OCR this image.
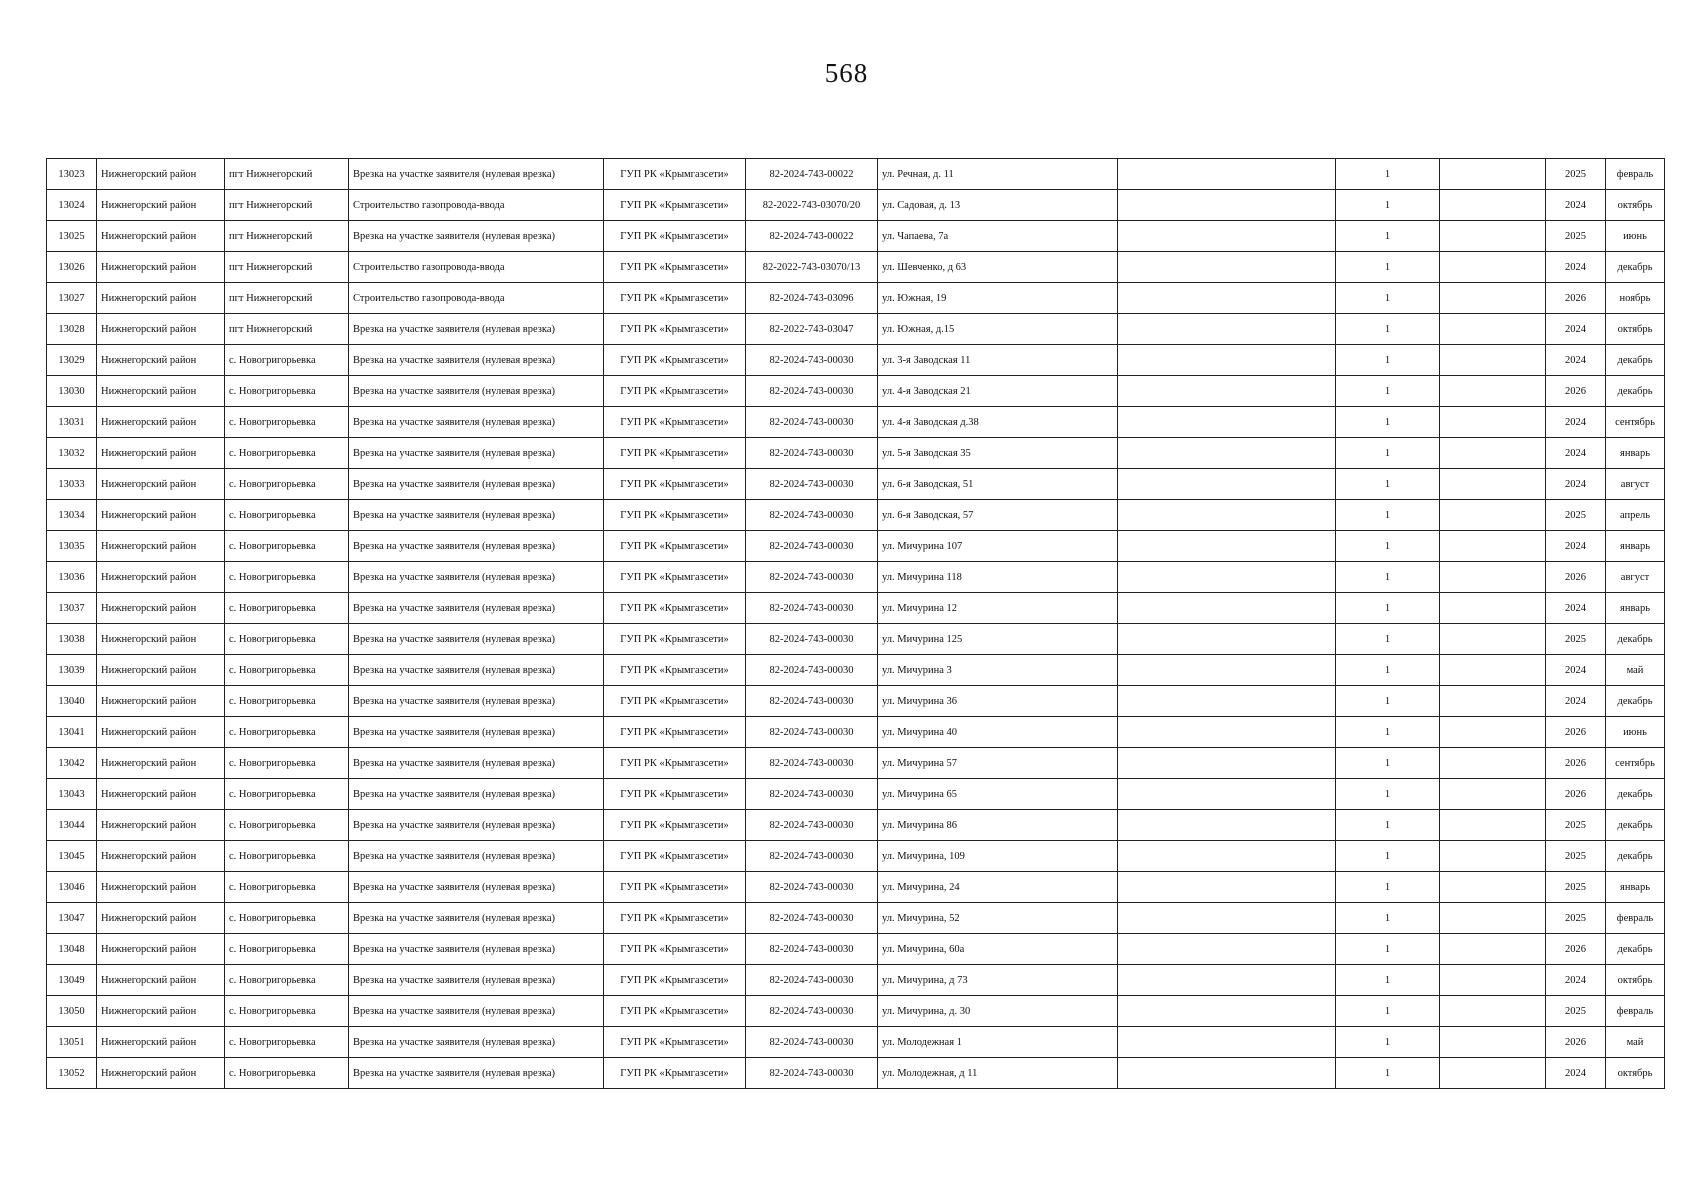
568
13023	Нижнегорский район	пгт Нижнегорский	Врезка на участке заявителя (нулевая врезка)	ГУП РК «Крымгазсети»	82-2024-743-00022	ул. Речная, д. 11		1		2025	февраль
13024	Нижнегорский район	пгт Нижнегорский	Строительство газопровода-ввода	ГУП РК «Крымгазсети»	82-2022-743-03070/20	ул. Садовая, д. 13		1		2024	октябрь
13025	Нижнегорский район	пгт Нижнегорский	Врезка на участке заявителя (нулевая врезка)	ГУП РК «Крымгазсети»	82-2024-743-00022	ул. Чапаева, 7а		1		2025	июнь
13026	Нижнегорский район	пгт Нижнегорский	Строительство газопровода-ввода	ГУП РК «Крымгазсети»	82-2022-743-03070/13	ул. Шевченко, д 63		1		2024	декабрь
13027	Нижнегорский район	пгт Нижнегорский	Строительство газопровода-ввода	ГУП РК «Крымгазсети»	82-2024-743-03096	ул. Южная, 19		1		2026	ноябрь
13028	Нижнегорский район	пгт Нижнегорский	Врезка на участке заявителя (нулевая врезка)	ГУП РК «Крымгазсети»	82-2022-743-03047	ул. Южная, д.15		1		2024	октябрь
13029	Нижнегорский район	с. Новогригорьевка	Врезка на участке заявителя (нулевая врезка)	ГУП РК «Крымгазсети»	82-2024-743-00030	ул. 3-я Заводская 11		1		2024	декабрь
13030	Нижнегорский район	с. Новогригорьевка	Врезка на участке заявителя (нулевая врезка)	ГУП РК «Крымгазсети»	82-2024-743-00030	ул. 4-я Заводская 21		1		2026	декабрь
13031	Нижнегорский район	с. Новогригорьевка	Врезка на участке заявителя (нулевая врезка)	ГУП РК «Крымгазсети»	82-2024-743-00030	ул. 4-я Заводская д.38		1		2024	сентябрь
13032	Нижнегорский район	с. Новогригорьевка	Врезка на участке заявителя (нулевая врезка)	ГУП РК «Крымгазсети»	82-2024-743-00030	ул. 5-я Заводская 35		1		2024	январь
13033	Нижнегорский район	с. Новогригорьевка	Врезка на участке заявителя (нулевая врезка)	ГУП РК «Крымгазсети»	82-2024-743-00030	ул. 6-я Заводская, 51		1		2024	август
13034	Нижнегорский район	с. Новогригорьевка	Врезка на участке заявителя (нулевая врезка)	ГУП РК «Крымгазсети»	82-2024-743-00030	ул. 6-я Заводская, 57		1		2025	апрель
13035	Нижнегорский район	с. Новогригорьевка	Врезка на участке заявителя (нулевая врезка)	ГУП РК «Крымгазсети»	82-2024-743-00030	ул. Мичурина 107		1		2024	январь
13036	Нижнегорский район	с. Новогригорьевка	Врезка на участке заявителя (нулевая врезка)	ГУП РК «Крымгазсети»	82-2024-743-00030	ул. Мичурина 118		1		2026	август
13037	Нижнегорский район	с. Новогригорьевка	Врезка на участке заявителя (нулевая врезка)	ГУП РК «Крымгазсети»	82-2024-743-00030	ул. Мичурина 12		1		2024	январь
13038	Нижнегорский район	с. Новогригорьевка	Врезка на участке заявителя (нулевая врезка)	ГУП РК «Крымгазсети»	82-2024-743-00030	ул. Мичурина 125		1		2025	декабрь
13039	Нижнегорский район	с. Новогригорьевка	Врезка на участке заявителя (нулевая врезка)	ГУП РК «Крымгазсети»	82-2024-743-00030	ул. Мичурина 3		1		2024	май
13040	Нижнегорский район	с. Новогригорьевка	Врезка на участке заявителя (нулевая врезка)	ГУП РК «Крымгазсети»	82-2024-743-00030	ул. Мичурина 36		1		2024	декабрь
13041	Нижнегорский район	с. Новогригорьевка	Врезка на участке заявителя (нулевая врезка)	ГУП РК «Крымгазсети»	82-2024-743-00030	ул. Мичурина 40		1		2026	июнь
13042	Нижнегорский район	с. Новогригорьевка	Врезка на участке заявителя (нулевая врезка)	ГУП РК «Крымгазсети»	82-2024-743-00030	ул. Мичурина 57		1		2026	сентябрь
13043	Нижнегорский район	с. Новогригорьевка	Врезка на участке заявителя (нулевая врезка)	ГУП РК «Крымгазсети»	82-2024-743-00030	ул. Мичурина 65		1		2026	декабрь
13044	Нижнегорский район	с. Новогригорьевка	Врезка на участке заявителя (нулевая врезка)	ГУП РК «Крымгазсети»	82-2024-743-00030	ул. Мичурина 86		1		2025	декабрь
13045	Нижнегорский район	с. Новогригорьевка	Врезка на участке заявителя (нулевая врезка)	ГУП РК «Крымгазсети»	82-2024-743-00030	ул. Мичурина, 109		1		2025	декабрь
13046	Нижнегорский район	с. Новогригорьевка	Врезка на участке заявителя (нулевая врезка)	ГУП РК «Крымгазсети»	82-2024-743-00030	ул. Мичурина, 24		1		2025	январь
13047	Нижнегорский район	с. Новогригорьевка	Врезка на участке заявителя (нулевая врезка)	ГУП РК «Крымгазсети»	82-2024-743-00030	ул. Мичурина, 52		1		2025	февраль
13048	Нижнегорский район	с. Новогригорьевка	Врезка на участке заявителя (нулевая врезка)	ГУП РК «Крымгазсети»	82-2024-743-00030	ул. Мичурина, 60а		1		2026	декабрь
13049	Нижнегорский район	с. Новогригорьевка	Врезка на участке заявителя (нулевая врезка)	ГУП РК «Крымгазсети»	82-2024-743-00030	ул. Мичурина, д 73		1		2024	октябрь
13050	Нижнегорский район	с. Новогригорьевка	Врезка на участке заявителя (нулевая врезка)	ГУП РК «Крымгазсети»	82-2024-743-00030	ул. Мичурина, д. 30		1		2025	февраль
13051	Нижнегорский район	с. Новогригорьевка	Врезка на участке заявителя (нулевая врезка)	ГУП РК «Крымгазсети»	82-2024-743-00030	ул. Молодежная 1		1		2026	май
13052	Нижнегорский район	с. Новогригорьевка	Врезка на участке заявителя (нулевая врезка)	ГУП РК «Крымгазсети»	82-2024-743-00030	ул. Молодежная, д 11		1		2024	октябрь
